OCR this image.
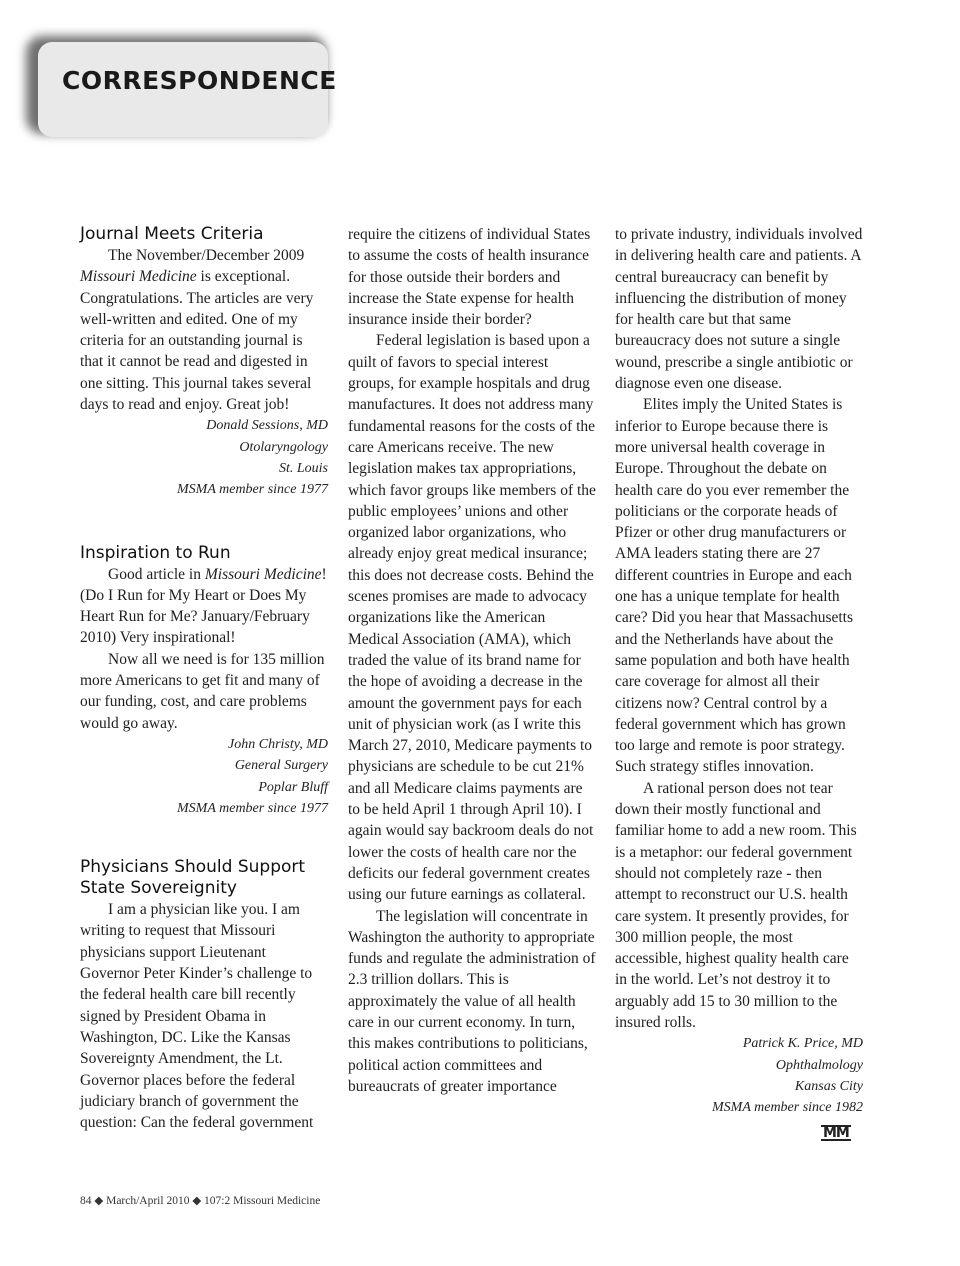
CORRESPONDENCE
Journal Meets Criteria

The November/December 2009 Missouri Medicine is exceptional. Congratulations. The articles are very well-written and edited. One of my criteria for an outstanding journal is that it cannot be read and digested in one sitting. This journal takes several days to read and enjoy. Great job!

Donald Sessions, MD
Otolaryngology
St. Louis
MSMA member since 1977
Inspiration to Run

Good article in Missouri Medicine! (Do I Run for My Heart or Does My Heart Run for Me? January/February 2010) Very inspirational!

Now all we need is for 135 million more Americans to get fit and many of our funding, cost, and care problems would go away.

John Christy, MD
General Surgery
Poplar Bluff
MSMA member since 1977
Physicians Should Support
State Sovereignity

I am a physician like you. I am writing to request that Missouri physicians support Lieutenant Governor Peter Kinder’s challenge to the federal health care bill recently signed by President Obama in Washington, DC. Like the Kansas Sovereignty Amendment, the Lt. Governor places before the federal judiciary branch of government the question: Can the federal government

require the citizens of individual States to assume the costs of health insurance for those outside their borders and increase the State expense for health insurance inside their border?

Federal legislation is based upon a quilt of favors to special interest groups, for example hospitals and drug manufactures. It does not address many fundamental reasons for the costs of the care Americans receive. The new legislation makes tax appropriations, which favor groups like members of the public employees’ unions and other organized labor organizations, who already enjoy great medical insurance; this does not decrease costs. Behind the scenes promises are made to advocacy organizations like the American Medical Association (AMA), which traded the value of its brand name for the hope of avoiding a decrease in the amount the government pays for each unit of physician work (as I write this March 27, 2010, Medicare payments to physicians are schedule to be cut 21% and all Medicare claims payments are to be held April 1 through April 10). I again would say backroom deals do not lower the costs of health care nor the deficits our federal government creates using our future earnings as collateral.

The legislation will concentrate in Washington the authority to appropriate funds and regulate the administration of 2.3 trillion dollars. This is approximately the value of all health care in our current economy. In turn, this makes contributions to politicians, political action committees and bureaucrats of greater importance

to private industry, individuals involved in delivering health care and patients. A central bureaucracy can benefit by influencing the distribution of money for health care but that same bureaucracy does not suture a single wound, prescribe a single antibiotic or diagnose even one disease.

Elites imply the United States is inferior to Europe because there is more universal health coverage in Europe. Throughout the debate on health care do you ever remember the politicians or the corporate heads of Pfizer or other drug manufacturers or AMA leaders stating there are 27 different countries in Europe and each one has a unique template for health care? Did you hear that Massachusetts and the Netherlands have about the same population and both have health care coverage for almost all their citizens now? Central control by a federal government which has grown too large and remote is poor strategy. Such strategy stifles innovation.

A rational person does not tear down their mostly functional and familiar home to add a new room. This is a metaphor: our federal government should not completely raze - then attempt to reconstruct our U.S. health care system. It presently provides, for 300 million people, the most accessible, highest quality health care in the world. Let’s not destroy it to arguably add 15 to 30 million to the insured rolls.

Patrick K. Price, MD
Ophthalmology
Kansas City
MSMA member since 1982
MM
84 ◆ March/April 2010 ◆ 107:2 Missouri Medicine
